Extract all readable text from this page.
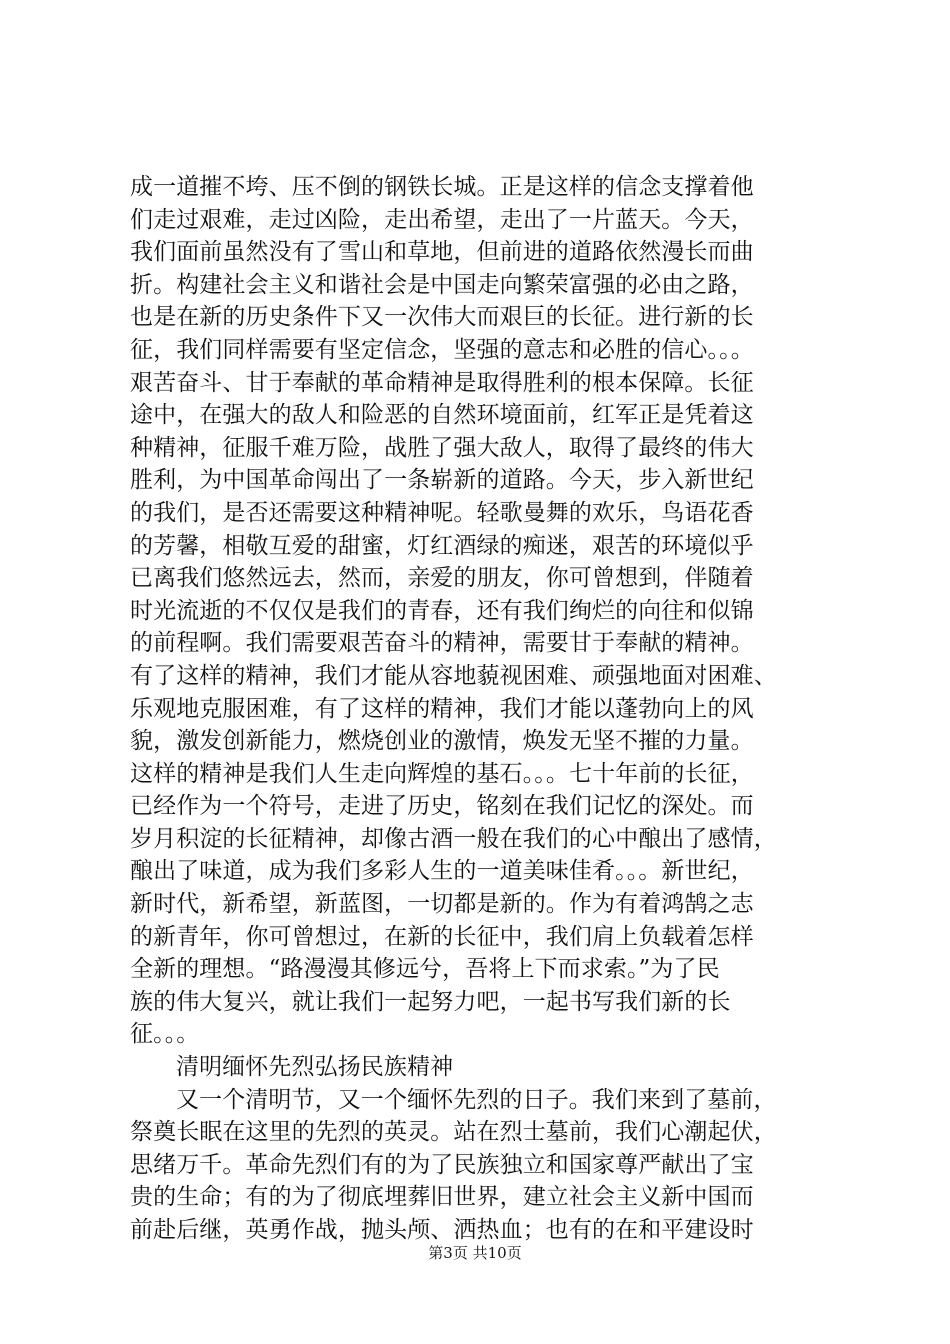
成一道摧不垮、压不倒的钢铁长城。正是这样的信念支撑着他
们走过艰难，走过凶险，走出希望，走出了一片蓝天。今天，
我们面前虽然没有了雪山和草地，但前进的道路依然漫长而曲
折。构建社会主义和谐社会是中国走向繁荣富强的必由之路，
也是在新的历史条件下又一次伟大而艰巨的长征。进行新的长
征，我们同样需要有坚定信念，坚强的意志和必胜的信心。。。
艰苦奋斗、甘于奉献的革命精神是取得胜利的根本保障。长征
途中，在强大的敌人和险恶的自然环境面前，红军正是凭着这
种精神，征服千难万险，战胜了强大敌人，取得了最终的伟大
胜利，为中国革命闯出了一条崭新的道路。今天，步入新世纪
的我们，是否还需要这种精神呢。轻歌曼舞的欢乐，鸟语花香
的芳馨，相敬互爱的甜蜜，灯红酒绿的痴迷，艰苦的环境似乎
已离我们悠然远去，然而，亲爱的朋友，你可曾想到，伴随着
时光流逝的不仅仅是我们的青春，还有我们绚烂的向往和似锦
的前程啊。我们需要艰苦奋斗的精神，需要甘于奉献的精神。
有了这样的精神，我们才能从容地藐视困难、顽强地面对困难、
乐观地克服困难，有了这样的精神，我们才能以蓬勃向上的风
貌，激发创新能力，燃烧创业的激情，焕发无坚不摧的力量。
这样的精神是我们人生走向辉煌的基石。。。七十年前的长征，
已经作为一个符号，走进了历史，铭刻在我们记忆的深处。而
岁月积淀的长征精神，却像古酒一般在我们的心中酿出了感情，
酿出了味道，成为我们多彩人生的一道美味佳肴。。。新世纪，
新时代，新希望，新蓝图，一切都是新的。作为有着鸿鹄之志
的新青年，你可曾想过，在新的长征中，我们肩上负载着怎样
全新的理想。“路漫漫其修远兮，吾将上下而求索。”为了民
族的伟大复兴，就让我们一起努力吧，一起书写我们新的长
征。。。
清明缅怀先烈弘扬民族精神
又一个清明节，又一个缅怀先烈的日子。我们来到了墓前，
祭奠长眠在这里的先烈的英灵。站在烈士墓前，我们心潮起伏，
思绪万千。革命先烈们有的为了民族独立和国家尊严献出了宝
贵的生命；有的为了彻底埋葬旧世界，建立社会主义新中国而
前赴后继，英勇作战，抛头颅、洒热血；也有的在和平建设时
第3页 共10页
